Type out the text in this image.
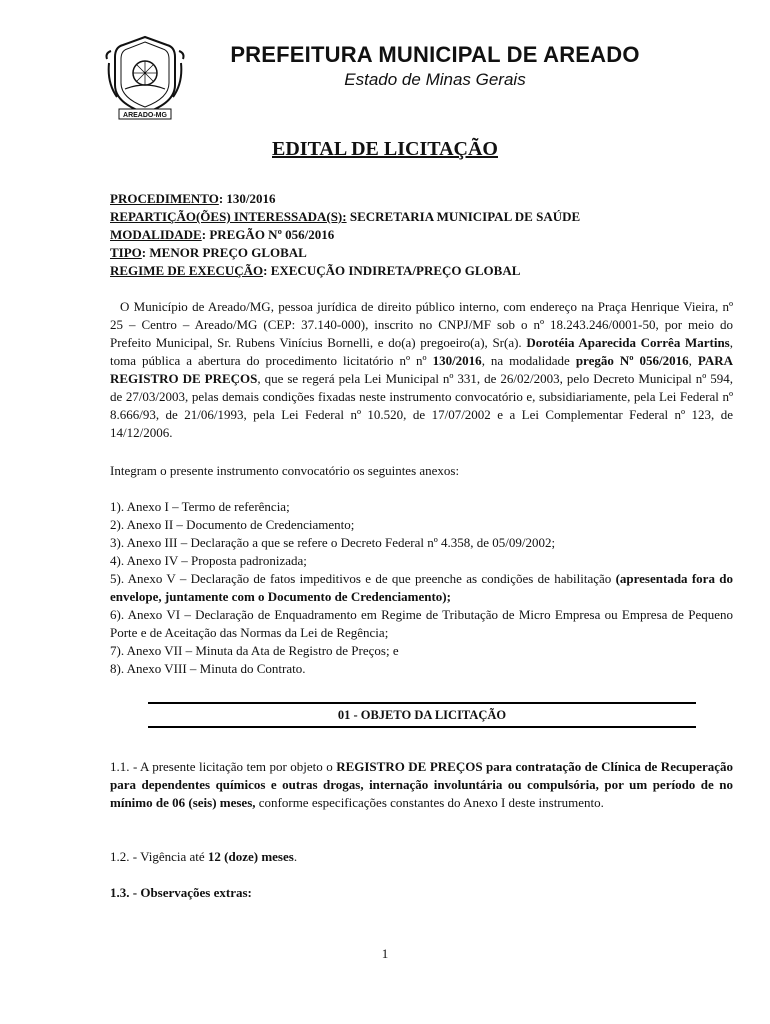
AREADO-MG
PREFEITURA MUNICIPAL DE AREADO
Estado de Minas Gerais
EDITAL DE LICITAÇÃO
PROCEDIMENTO: 130/2016
REPARTIÇÃO(ÕES) INTERESSADA(S): SECRETARIA MUNICIPAL DE SAÚDE
MODALIDADE: PREGÃO Nº 056/2016
TIPO: MENOR PREÇO GLOBAL
REGIME DE EXECUÇÃO: EXECUÇÃO INDIRETA/PREÇO GLOBAL

O Município de Areado/MG, pessoa jurídica de direito público interno, com endereço na Praça Henrique Vieira, nº 25 – Centro – Areado/MG (CEP: 37.140-000), inscrito no CNPJ/MF sob o nº 18.243.246/0001-50, por meio do Prefeito Municipal, Sr. Rubens Vinícius Bornelli, e do(a) pregoeiro(a), Sr(a). Dorotéia Aparecida Corrêa Martins, toma pública a abertura do procedimento licitatório nº nº 130/2016, na modalidade pregão Nº 056/2016, PARA REGISTRO DE PREÇOS, que se regerá pela Lei Municipal nº 331, de 26/02/2003, pelo Decreto Municipal nº 594, de 27/03/2003, pelas demais condições fixadas neste instrumento convocatório e, subsidiariamente, pela Lei Federal nº 8.666/93, de 21/06/1993, pela Lei Federal nº 10.520, de 17/07/2002 e a Lei Complementar Federal nº 123, de 14/12/2006.

Integram o presente instrumento convocatório os seguintes anexos:

1). Anexo I – Termo de referência;
2). Anexo II – Documento de Credenciamento;
3). Anexo III – Declaração a que se refere o Decreto Federal nº 4.358, de 05/09/2002;
4). Anexo IV – Proposta padronizada;
5). Anexo V – Declaração de fatos impeditivos e de que preenche as condições de habilitação (apresentada fora do envelope, juntamente com o Documento de Credenciamento);
6). Anexo VI – Declaração de Enquadramento em Regime de Tributação de Micro Empresa ou Empresa de Pequeno Porte e de Aceitação das Normas da Lei de Regência;
7). Anexo VII – Minuta da Ata de Registro de Preços; e
8). Anexo VIII – Minuta do Contrato.
01 - OBJETO DA LICITAÇÃO

1.1. - A presente licitação tem por objeto o REGISTRO DE PREÇOS para contratação de Clínica de Recuperação para dependentes químicos e outras drogas, internação involuntária ou compulsória, por um período de no mínimo de 06 (seis) meses, conforme especificações constantes do Anexo I deste instrumento.

1.2. - Vigência até 12 (doze) meses.

1.3. - Observações extras:

1
